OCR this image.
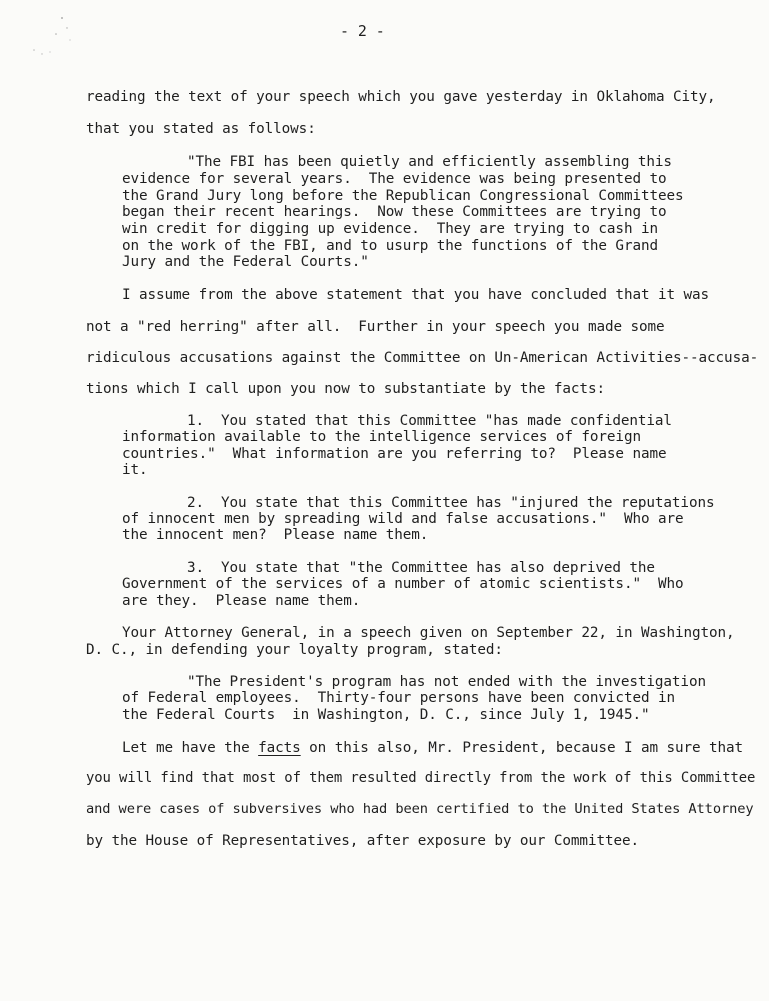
- 2 -
reading the text of your speech which you gave yesterday in Oklahoma City,
that you stated as follows:
"The FBI has been quietly and efficiently assembling this
evidence for several years.  The evidence was being presented to
the Grand Jury long before the Republican Congressional Committees
began their recent hearings.  Now these Committees are trying to
win credit for digging up evidence.  They are trying to cash in
on the work of the FBI, and to usurp the functions of the Grand
Jury and the Federal Courts."
I assume from the above statement that you have concluded that it was
not a "red herring" after all.  Further in your speech you made some
ridiculous accusations against the Committee on Un-American Activities--accusa-
tions which I call upon you now to substantiate by the facts:
1.  You stated that this Committee "has made confidential
information available to the intelligence services of foreign
countries."  What information are you referring to?  Please name
it.
2.  You state that this Committee has "injured the reputations
of innocent men by spreading wild and false accusations."  Who are
the innocent men?  Please name them.
3.  You state that "the Committee has also deprived the
Government of the services of a number of atomic scientists."  Who
are they.  Please name them.
Your Attorney General, in a speech given on September 22, in Washington,
D. C., in defending your loyalty program, stated:
"The President's program has not ended with the investigation
of Federal employees.  Thirty-four persons have been convicted in
the Federal Courts  in Washington, D. C., since July 1, 1945."
Let me have the facts on this also, Mr. President, because I am sure that
you will find that most of them resulted directly from the work of this Committee
and were cases of subversives who had been certified to the United States Attorney
by the House of Representatives, after exposure by our Committee.
